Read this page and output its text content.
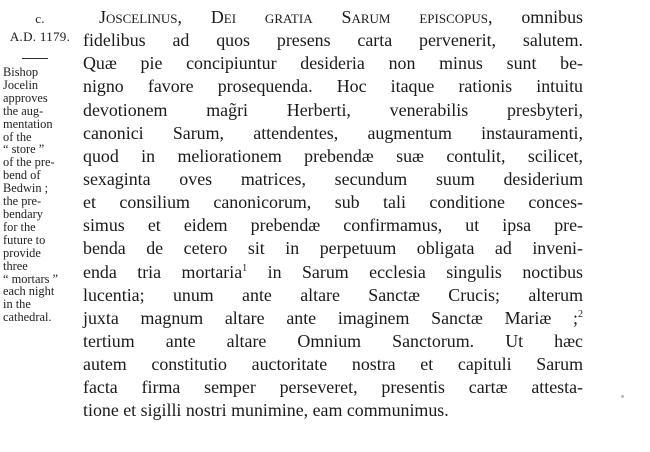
c.
A.D. 1179.
Bishop
Jocelin
approves
the aug-
mentation
of the
“ store ”
of the pre-
bend of
Bedwin ;
the pre-
bendary
for the
future to
provide
three
“ mortars ”
each night
in the
cathedral.
Joscelinus, Dei gratia Sarum episcopus, omnibus
fidelibus ad quos presens carta pervenerit, salutem.
Quæ pie concipiuntur desideria non minus sunt be-
nigno favore prosequenda. Hoc itaque rationis intuitu
devotionem mag̃ri Herberti, venerabilis presbyteri,
canonici Sarum, attendentes, augmentum instauramenti,
quod in meliorationem prebendæ suæ contulit, scilicet,
sexaginta oves matrices, secundum suum desiderium
et consilium canonicorum, sub tali conditione conces-
simus et eidem prebendæ confirmamus, ut ipsa pre-
benda de cetero sit in perpetuum obligata ad inveni-
enda tria mortaria$^1$ in Sarum ecclesia singulis noctibus
lucentia; unum ante altare Sanctæ Crucis; alterum
juxta magnum altare ante imaginem Sanctæ Mariæ ;$^2$
tertium ante altare Omnium Sanctorum. Ut hæc
autem constitutio auctoritate nostra et capituli Sarum
facta firma semper perseveret, presentis cartæ attesta-
tione et sigilli nostri munimine, eam communimus.
